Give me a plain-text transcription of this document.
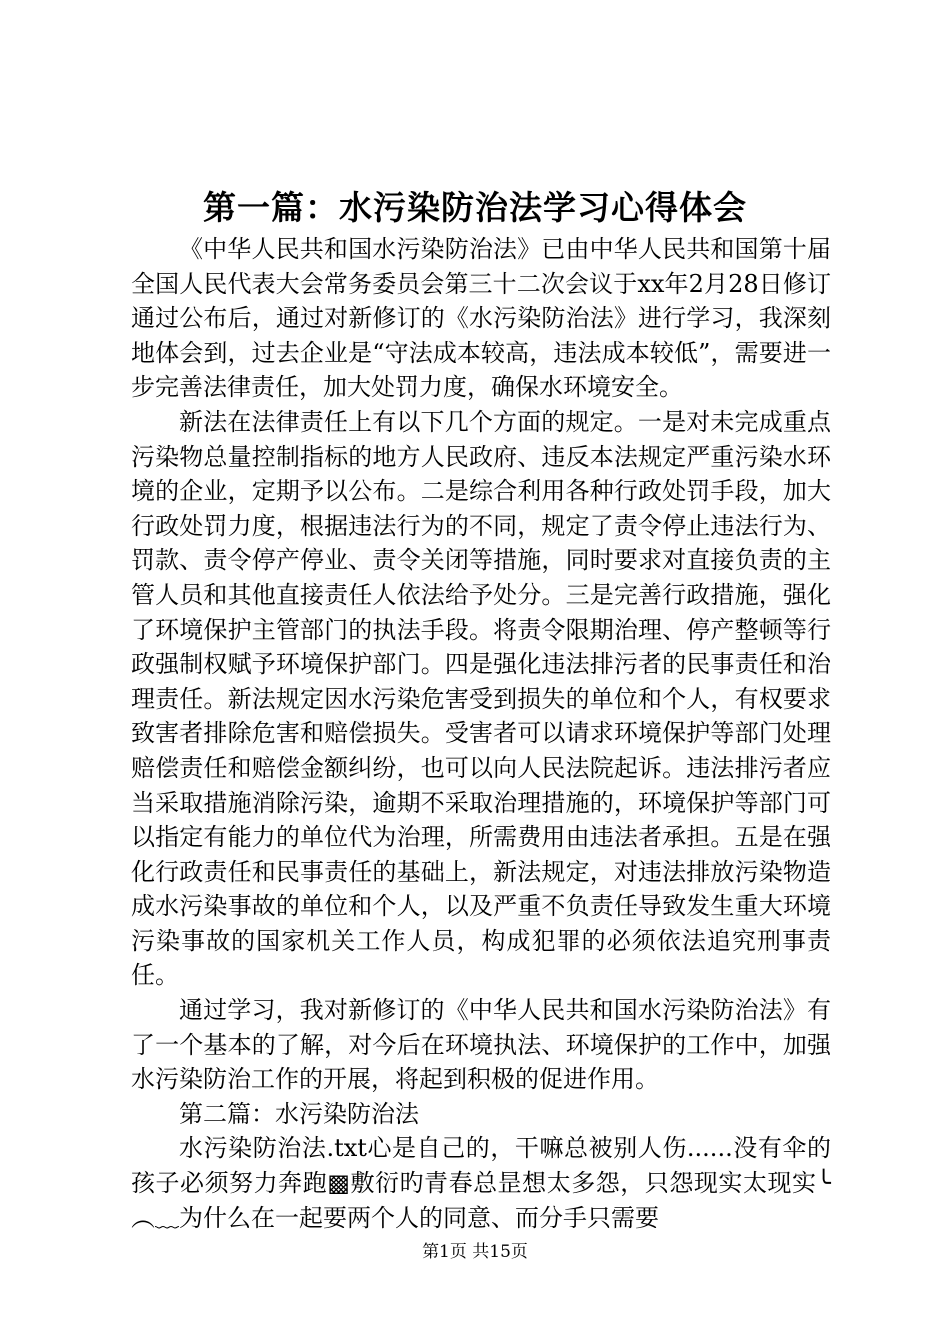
第一篇：水污染防治法学习心得体会

《中华人民共和国水污染防治法》已由中华人民共和国第十届全国人民代表大会常务委员会第三十二次会议于xx年2月28日修订通过公布后，通过对新修订的《水污染防治法》进行学习，我深刻地体会到，过去企业是“守法成本较高，违法成本较低”，需要进一步完善法律责任，加大处罚力度，确保水环境安全。

新法在法律责任上有以下几个方面的规定。一是对未完成重点污染物总量控制指标的地方人民政府、违反本法规定严重污染水环境的企业，定期予以公布。二是综合利用各种行政处罚手段，加大行政处罚力度，根据违法行为的不同，规定了责令停止违法行为、罚款、责令停产停业、责令关闭等措施，同时要求对直接负责的主管人员和其他直接责任人依法给予处分。三是完善行政措施，强化了环境保护主管部门的执法手段。将责令限期治理、停产整顿等行政强制权赋予环境保护部门。四是强化违法排污者的民事责任和治理责任。新法规定因水污染危害受到损失的单位和个人，有权要求致害者排除危害和赔偿损失。受害者可以请求环境保护等部门处理赔偿责任和赔偿金额纠纷，也可以向人民法院起诉。违法排污者应当采取措施消除污染，逾期不采取治理措施的，环境保护等部门可以指定有能力的单位代为治理，所需费用由违法者承担。五是在强化行政责任和民事责任的基础上，新法规定，对违法排放污染物造成水污染事故的单位和个人，以及严重不负责任导致发生重大环境污染事故的国家机关工作人员，构成犯罪的必须依法追究刑事责任。

通过学习，我对新修订的《中华人民共和国水污染防治法》有了一个基本的了解，对今后在环境执法、环境保护的工作中，加强水污染防治工作的开展，将起到积极的促进作用。

第二篇：水污染防治法

水污染防治法.txt心是自己的，干嘛总被别人伤......没有伞的孩子必须努力奔跑▩敷衍旳青春总昰想太多怨，只怨现实太现实╰︵﹏为什么在一起要两个人的同意、而分手只需要

第1页 共15页
